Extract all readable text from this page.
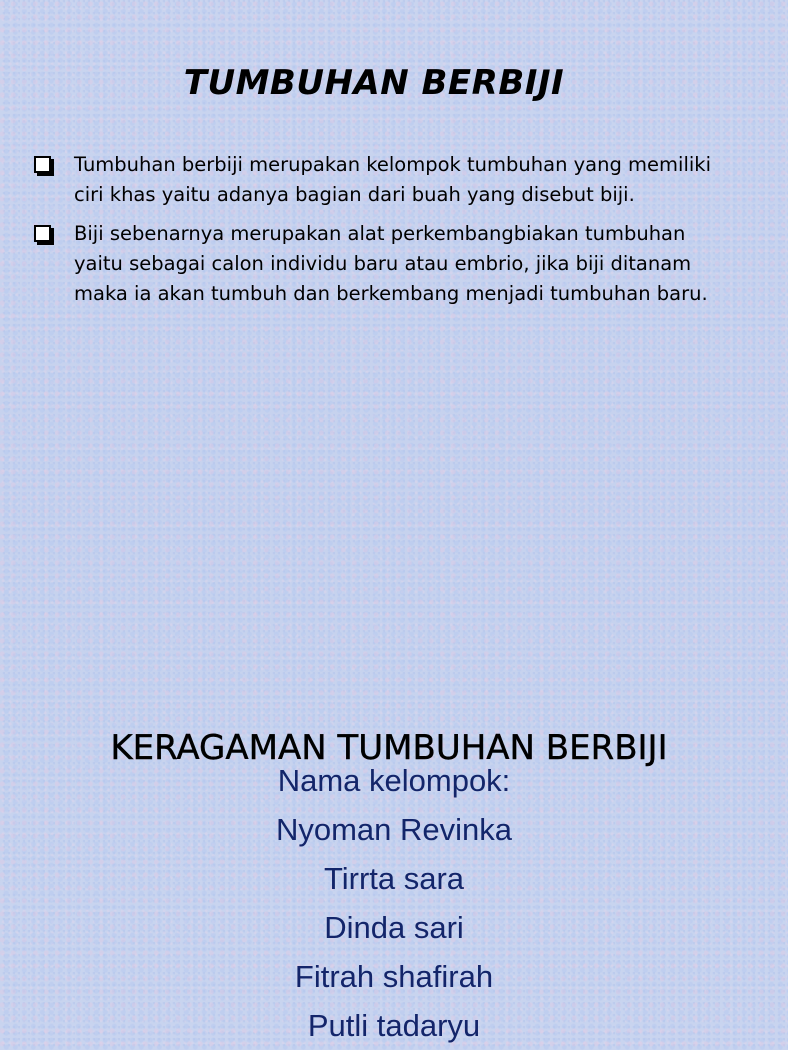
TUMBUHAN BERBIJI
Tumbuhan berbiji merupakan kelompok tumbuhan yang memiliki ciri khas yaitu adanya bagian dari buah yang disebut biji.
Biji sebenarnya merupakan alat perkembangbiakan tumbuhan yaitu sebagai calon individu baru atau embrio, jika biji ditanam maka ia akan tumbuh dan berkembang menjadi tumbuhan baru.
KERAGAMAN TUMBUHAN BERBIJI
Nama kelompok:
Nyoman Revinka
Tirrta sara
Dinda sari
Fitrah shafirah
Putli tadaryu
